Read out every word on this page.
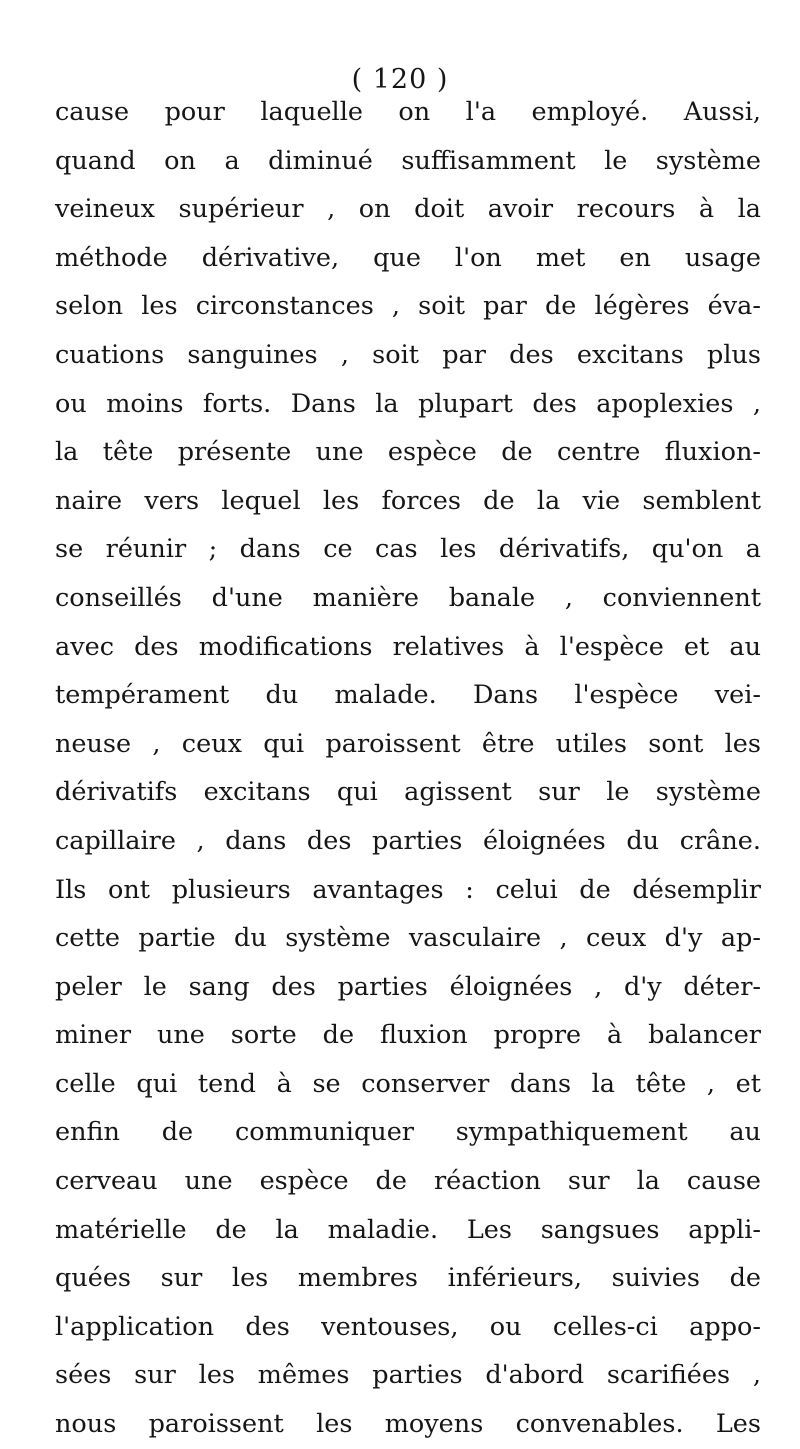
( 120 )
cause pour laquelle on l'a employé. Aussi,
quand on a diminué suffisamment le système
veineux supérieur , on doit avoir recours à la
méthode dérivative, que l'on met en usage
selon les circonstances , soit par de légères éva-
cuations sanguines , soit par des excitans plus
ou moins forts. Dans la plupart des apoplexies ,
la tête présente une espèce de centre fluxion-
naire vers lequel les forces de la vie semblent
se réunir ; dans ce cas les dérivatifs, qu'on a
conseillés d'une manière banale , conviennent
avec des modifications relatives à l'espèce et au
tempérament du malade. Dans l'espèce vei-
neuse , ceux qui paroissent être utiles sont les
dérivatifs excitans qui agissent sur le système
capillaire , dans des parties éloignées du crâne.
Ils ont plusieurs avantages : celui de désemplir
cette partie du système vasculaire , ceux d'y ap-
peler le sang des parties éloignées , d'y déter-
miner une sorte de fluxion propre à balancer
celle qui tend à se conserver dans la tête , et
enfin de communiquer sympathiquement au
cerveau une espèce de réaction sur la cause
matérielle de la maladie. Les sangsues appli-
quées sur les membres inférieurs, suivies de
l'application des ventouses, ou celles-ci appo-
sées sur les mêmes parties d'abord scarifiées ,
nous paroissent les moyens convenables. Les
